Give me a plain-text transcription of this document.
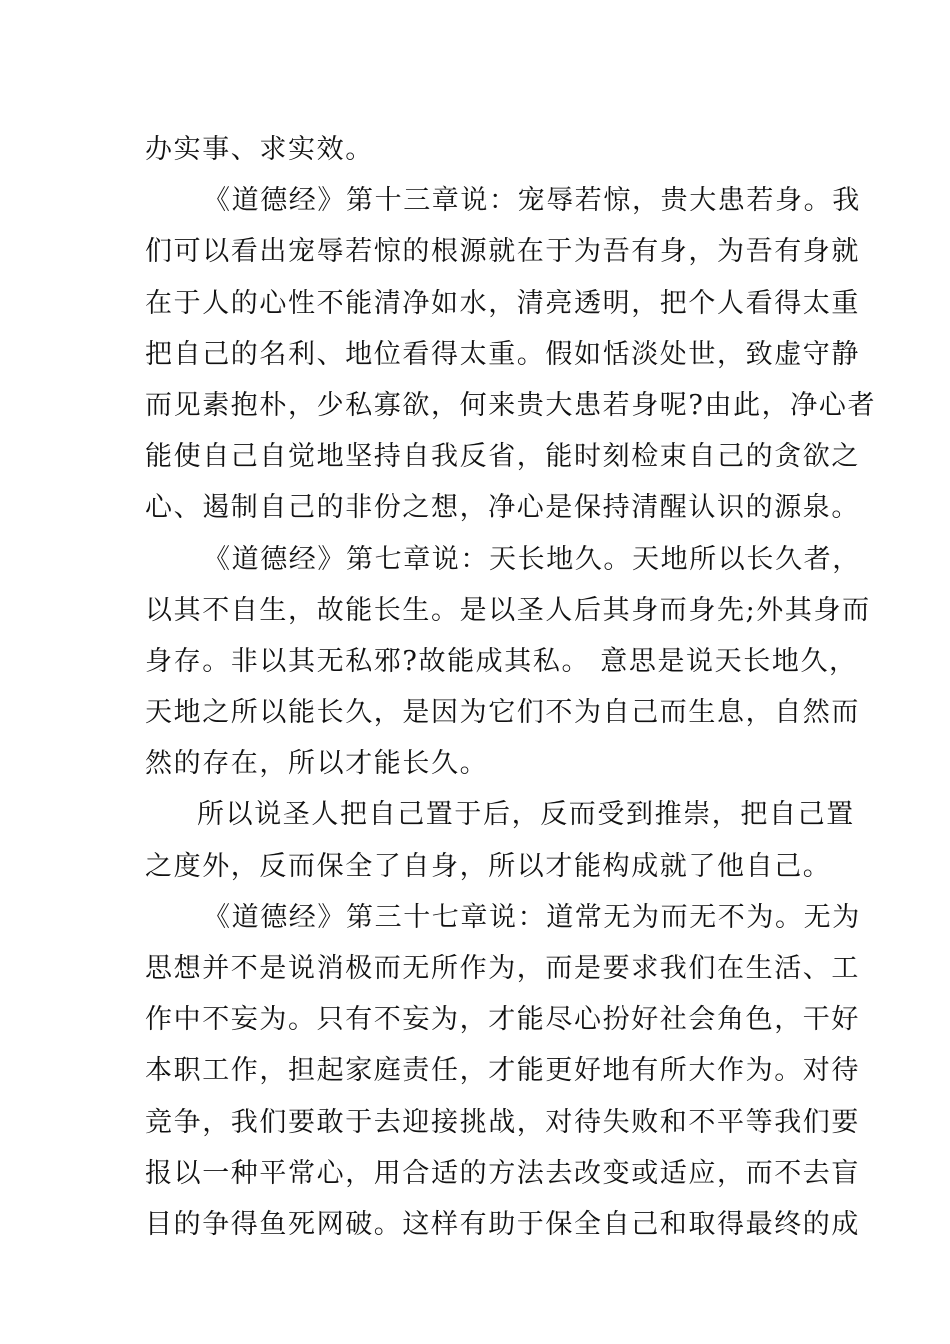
办实事、求实效。
《道德经》第十三章说：宠辱若惊，贵大患若身。我
们可以看出宠辱若惊的根源就在于为吾有身，为吾有身就
在于人的心性不能清净如水，清亮透明，把个人看得太重
把自己的名利、地位看得太重。假如恬淡处世，致虚守静
而见素抱朴，少私寡欲，何来贵大患若身呢?由此，净心者
能使自己自觉地坚持自我反省，能时刻检束自己的贪欲之
心、遏制自己的非份之想，净心是保持清醒认识的源泉。
《道德经》第七章说：天长地久。天地所以长久者，
以其不自生，故能长生。是以圣人后其身而身先;外其身而
身存。非以其无私邪?故能成其私。 意思是说天长地久，
天地之所以能长久，是因为它们不为自己而生息，自然而
然的存在，所以才能长久。
所以说圣人把自己置于后，反而受到推崇，把自己置
之度外，反而保全了自身，所以才能构成就了他自己。
《道德经》第三十七章说：道常无为而无不为。无为
思想并不是说消极而无所作为，而是要求我们在生活、工
作中不妄为。只有不妄为，才能尽心扮好社会角色，干好
本职工作，担起家庭责任，才能更好地有所大作为。对待
竞争，我们要敢于去迎接挑战，对待失败和不平等我们要
报以一种平常心，用合适的方法去改变或适应，而不去盲
目的争得鱼死网破。这样有助于保全自己和取得最终的成
